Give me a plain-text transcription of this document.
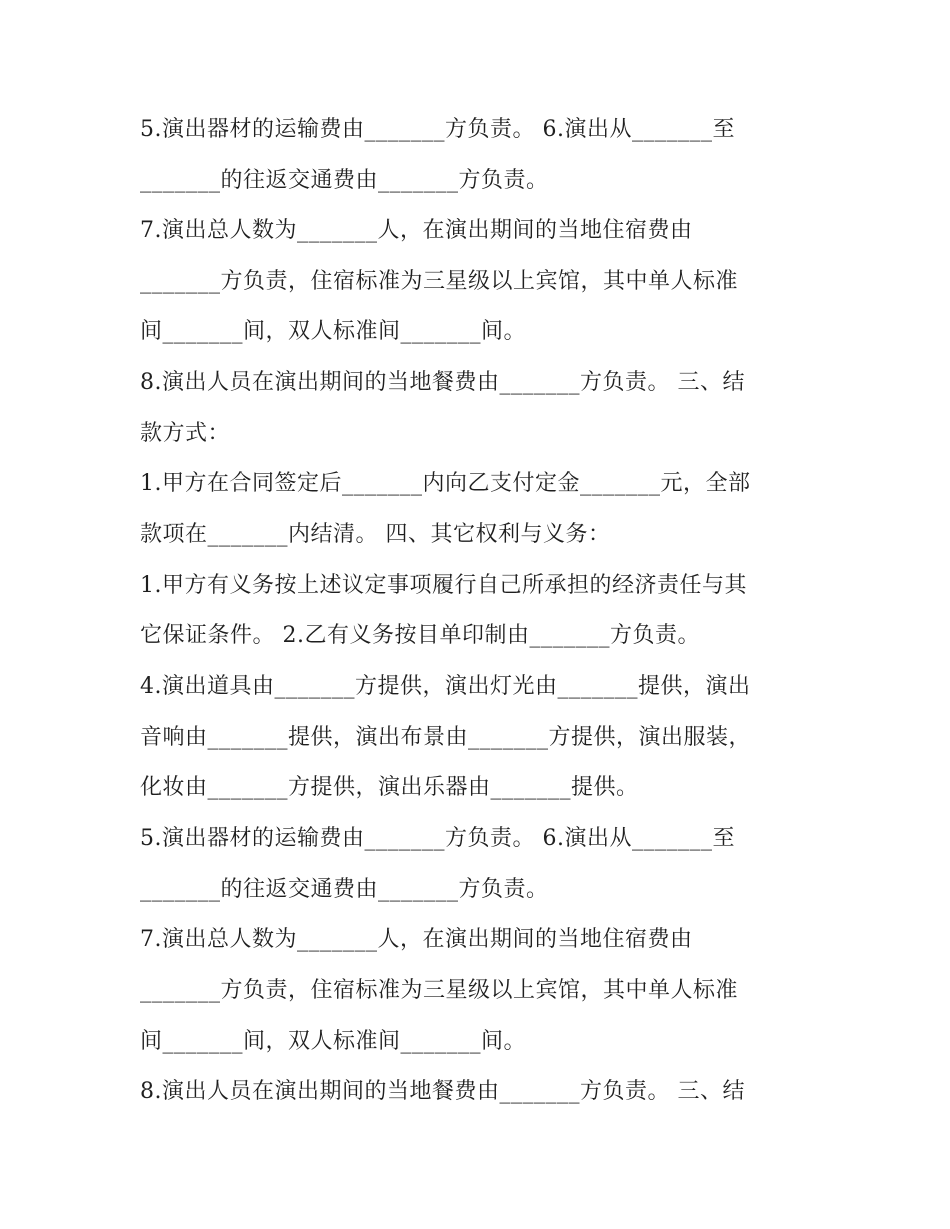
5.演出器材的运输费由_______方负责。 6.演出从_______至
_______的往返交通费由_______方负责。
7.演出总人数为_______人，在演出期间的当地住宿费由
_______方负责，住宿标准为三星级以上宾馆，其中单人标准
间_______间，双人标准间_______间。
8.演出人员在演出期间的当地餐费由_______方负责。 三、结
款方式：
1.甲方在合同签定后_______内向乙支付定金_______元，全部
款项在_______内结清。 四、其它权利与义务：
1.甲方有义务按上述议定事项履行自己所承担的经济责任与其
它保证条件。 2.乙有义务按目单印制由_______方负责。
4.演出道具由_______方提供，演出灯光由_______提供，演出
音响由_______提供，演出布景由_______方提供，演出服装，
化妆由_______方提供，演出乐器由_______提供。
5.演出器材的运输费由_______方负责。 6.演出从_______至
_______的往返交通费由_______方负责。
7.演出总人数为_______人，在演出期间的当地住宿费由
_______方负责，住宿标准为三星级以上宾馆，其中单人标准
间_______间，双人标准间_______间。
8.演出人员在演出期间的当地餐费由_______方负责。 三、结
